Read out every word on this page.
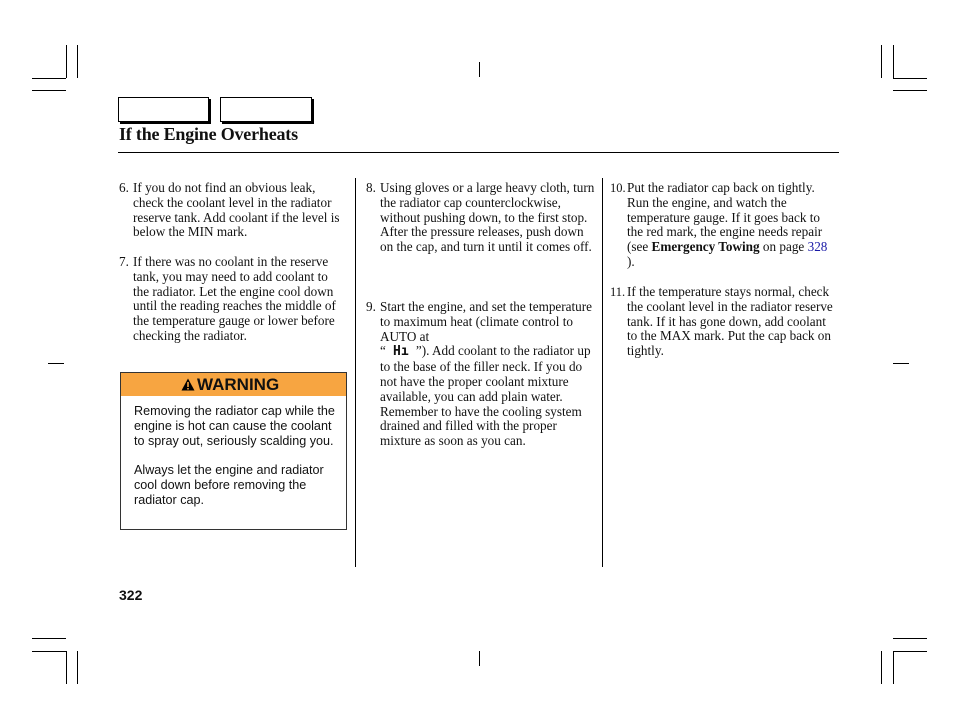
If the Engine Overheats
6. If you do not find an obvious leak, check the coolant level in the radiator reserve tank. Add coolant if the level is below the MIN mark.
7. If there was no coolant in the reserve tank, you may need to add coolant to the radiator. Let the engine cool down until the reading reaches the middle of the temperature gauge or lower before checking the radiator.
WARNING

Removing the radiator cap while the engine is hot can cause the coolant to spray out, seriously scalding you.

Always let the engine and radiator cool down before removing the radiator cap.

8. Using gloves or a large heavy cloth, turn the radiator cap counterclockwise, without pushing down, to the first stop. After the pressure releases, push down on the cap, and turn it until it comes off.
9. Start the engine, and set the temperature to maximum heat (climate control to AUTO at
“ Hı ”). Add coolant to the radiator up to the base of the filler neck. If you do not have the proper coolant mixture available, you can add plain water. Remember to have the cooling system drained and filled with the proper mixture as soon as you can.
10. Put the radiator cap back on tightly. Run the engine, and watch the temperature gauge. If it goes back to the red mark, the engine needs repair (see Emergency Towing on page 328 ).
11. If the temperature stays normal, check the coolant level in the radiator reserve tank. If it has gone down, add coolant to the MAX mark. Put the cap back on tightly.
322
